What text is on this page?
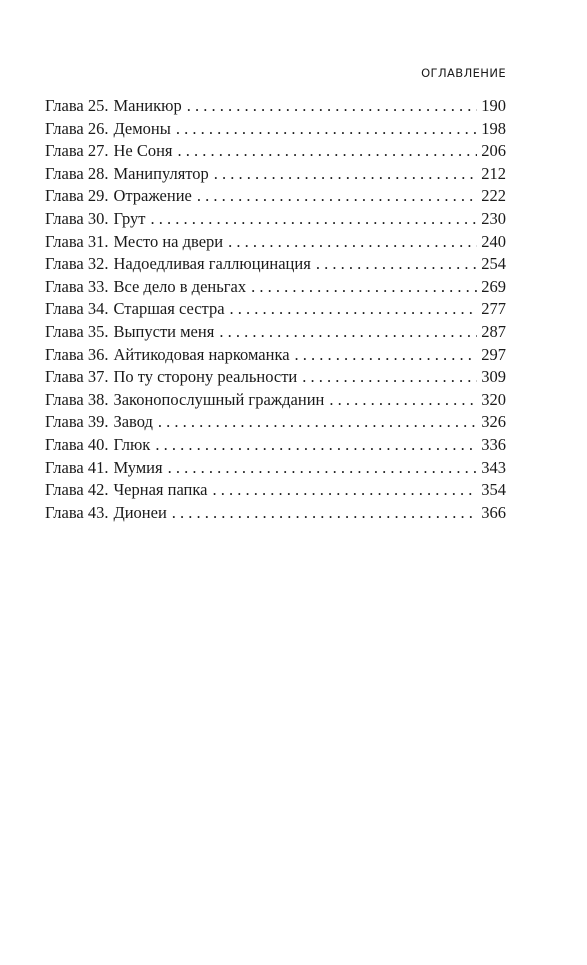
ОГЛАВЛЕНИЕ
Глава 25. Маникюр . . .	190
Глава 26. Демоны . . .	198
Глава 27. Не Соня . . .	206
Глава 28. Манипулятор . . .	212
Глава 29. Отражение . . .	222
Глава 30. Грут . . .	230
Глава 31. Место на двери . . .	240
Глава 32. Надоедливая галлюцинация . . .	254
Глава 33. Все дело в деньгах . . .	269
Глава 34. Старшая сестра . . .	277
Глава 35. Выпусти меня . . .	287
Глава 36. Айтикодовая наркоманка . . .	297
Глава 37. По ту сторону реальности . . .	309
Глава 38. Законопослушный гражданин . . .	320
Глава 39. Завод . . .	326
Глава 40. Глюк . . .	336
Глава 41. Мумия . . .	343
Глава 42. Черная папка . . .	354
Глава 43. Дионеи . . .	366
